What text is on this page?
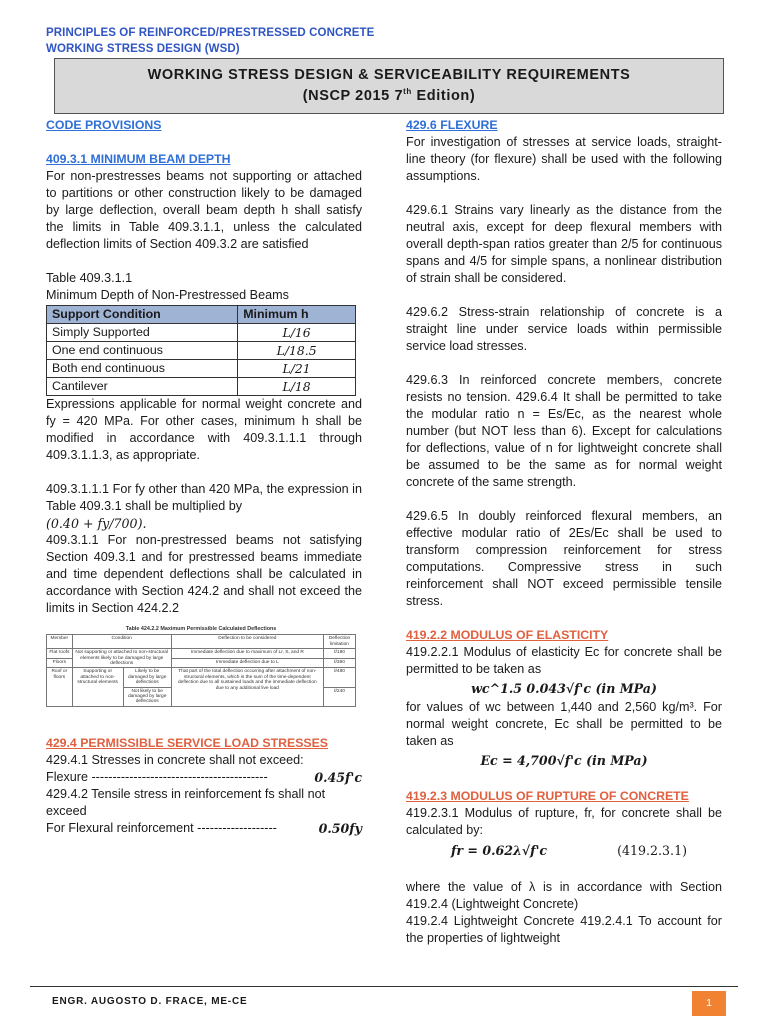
PRINCIPLES OF REINFORCED/PRESTRESSED CONCRETE
WORKING STRESS DESIGN (WSD)
WORKING STRESS DESIGN & SERVICEABILITY REQUIREMENTS
(NSCP 2015 7th Edition)
CODE PROVISIONS
409.3.1 MINIMUM BEAM DEPTH
For non-prestresses beams not supporting or attached to partitions or other construction likely to be damaged by large deflection, overall beam depth h shall satisfy the limits in Table 409.3.1.1, unless the calculated deflection limits of Section 409.3.2 are satisfied
Table 409.3.1.1
Minimum Depth of Non-Prestressed Beams
Support Condition	Minimum h
Simply Supported	L/16
One end continuous	L/18.5
Both end continuous	L/21
Cantilever	L/18
Expressions applicable for normal weight concrete and fy = 420 MPa. For other cases, minimum h shall be modified in accordance with 409.3.1.1.1 through 409.3.1.1.3, as appropriate.
409.3.1.1.1 For fy other than 420 MPa, the expression in Table 409.3.1 shall be multiplied by
(0.40 + fy/700).
409.3.1.1 For non-prestressed beams not satisfying Section 409.3.1 and for prestressed beams immediate and time dependent deflections shall be calculated in accordance with Section 424.2 and shall not exceed the limits in Section 424.2.2
Table 424.2.2 Maximum Permissible Calculated Deflections
Member	Condition		Deflection to be considered	Deflection limitation
Flat roofs	Not supporting or attached to non-structural elements likely to be damaged by large deflections		Immediate deflection due to maximum of Lr, S, and R	ℓ/180
Floors			Immediate deflection due to L	ℓ/360
Roof or floors	Supporting or attached to non-structural elements	Likely to be damaged by large deflections	That part of the total deflection occurring after attachment of non-structural elements, which is the sum of the time-dependent deflection due to all sustained loads and the immediate deflection due to any additional live load	ℓ/480
		Not likely to be damaged by large deflections		ℓ/240
429.4 PERMISSIBLE SERVICE LOAD STRESSES
429.4.1 Stresses in concrete shall not exceed:
Flexure ------------------------------------------	0.45f'c
429.4.2 Tensile stress in reinforcement fs shall not exceed
For Flexural reinforcement -------------------	0.50fy
429.6 FLEXURE
For investigation of stresses at service loads, straight-line theory (for flexure) shall be used with the following assumptions.
429.6.1 Strains vary linearly as the distance from the neutral axis, except for deep flexural members with overall depth-span ratios greater than 2/5 for continuous spans and 4/5 for simple spans, a nonlinear distribution of strain shall be considered.
429.6.2 Stress-strain relationship of concrete is a straight line under service loads within permissible service load stresses.
429.6.3 In reinforced concrete members, concrete resists no tension. 429.6.4 It shall be permitted to take the modular ratio n = Es/Ec, as the nearest whole number (but NOT less than 6). Except for calculations for deflections, value of n for lightweight concrete shall be assumed to be the same as for normal weight concrete of the same strength.
429.6.5 In doubly reinforced flexural members, an effective modular ratio of 2Es/Ec shall be used to transform compression reinforcement for stress computations. Compressive stress in such reinforcement shall NOT exceed permissible tensile stress.
419.2.2 MODULUS OF ELASTICITY
419.2.2.1 Modulus of elasticity Ec for concrete shall be permitted to be taken as
wc^1.5 0.043√f'c (in MPa)
for values of wc between 1,440 and 2,560 kg/m³. For normal weight concrete, Ec shall be permitted to be taken as
Ec = 4,700√f'c (in MPa)
419.2.3 MODULUS OF RUPTURE OF CONCRETE
419.2.3.1 Modulus of rupture, fr, for concrete shall be calculated by:
fr = 0.62λ√f'c	(419.2.3.1)
where the value of λ is in accordance with Section 419.2.4 (Lightweight Concrete)
419.2.4 Lightweight Concrete 419.2.4.1 To account for the properties of lightweight
ENGR. AUGOSTO D. FRACE, ME-CE	1
